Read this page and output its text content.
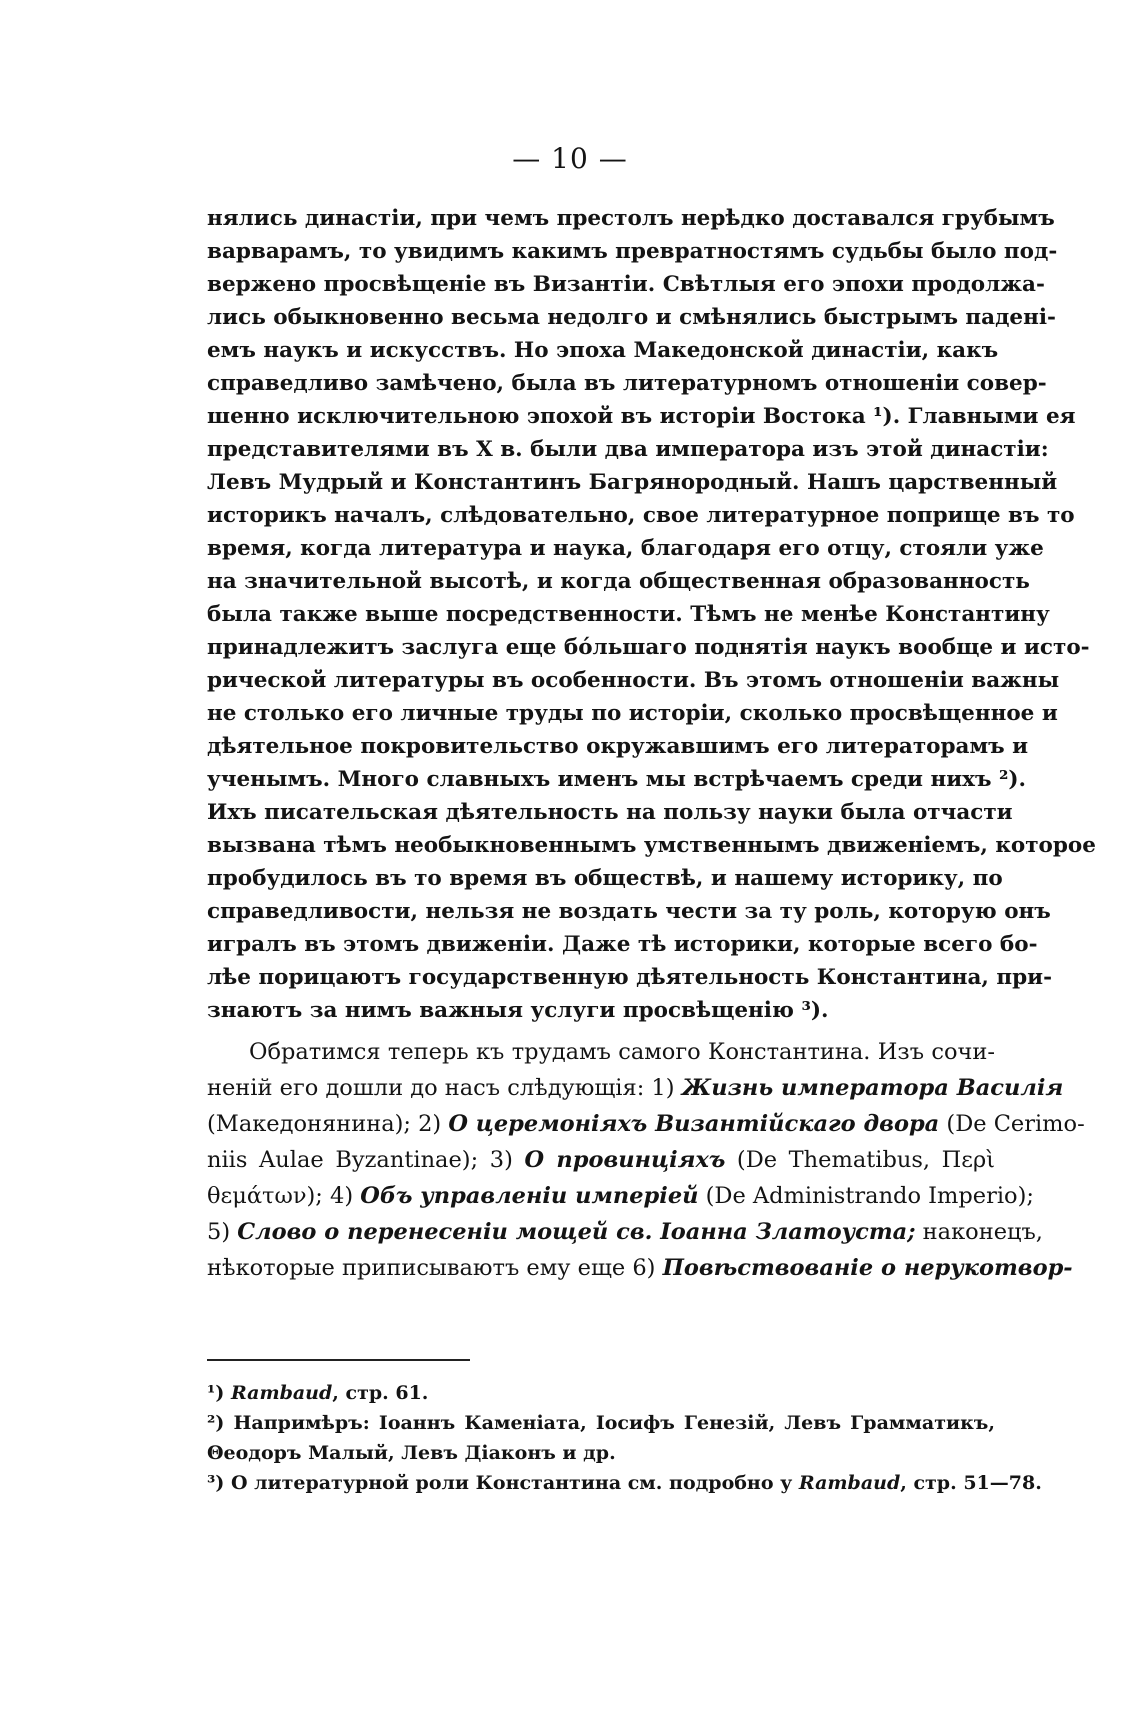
— 10 —
нялись династіи, при чемъ престолъ нерѣдко доставался грубымъ
варварамъ, то увидимъ какимъ превратностямъ судьбы было под-
вержено просвѣщеніе въ Византіи. Свѣтлыя его эпохи продолжа-
лись обыкновенно весьма недолго и смѣнялись быстрымъ падені-
емъ наукъ и искусствъ. Но эпоха Македонской династіи, какъ
справедливо замѣчено, была въ литературномъ отношеніи совер-
шенно исключительною эпохой въ исторіи Востока ¹). Главными ея
представителями въ X в. были два императора изъ этой династіи:
Левъ Мудрый и Константинъ Багрянородный. Нашъ царственный
историкъ началъ, слѣдовательно, свое литературное поприще въ то
время, когда литература и наука, благодаря его отцу, стояли уже
на значительной высотѣ, и когда общественная образованность
была также выше посредственности. Тѣмъ не менѣе Константину
принадлежитъ заслуга еще бóльшаго поднятія наукъ вообще и исто-
рической литературы въ особенности. Въ этомъ отношеніи важны
не столько его личные труды по исторіи, сколько просвѣщенное и
дѣятельное покровительство окружавшимъ его литераторамъ и
ученымъ. Много славныхъ именъ мы встрѣчаемъ среди нихъ ²).
Ихъ писательская дѣятельность на пользу науки была отчасти
вызвана тѣмъ необыкновеннымъ умственнымъ движеніемъ, которое
пробудилось въ то время въ обществѣ, и нашему историку, по
справедливости, нельзя не воздать чести за ту роль, которую онъ
игралъ въ этомъ движеніи. Даже тѣ историки, которые всего бо-
лѣе порицаютъ государственную дѣятельность Константина, при-
знаютъ за нимъ важныя услуги просвѣщенію ³).
Обратимся теперь къ трудамъ самого Константина. Изъ сочи-
неній его дошли до насъ слѣдующія: 1) Жизнь императора Василія
(Македонянина); 2) О церемоніяхъ Византійскаго двора (De Cerimo-
niis Aulae Byzantinae); 3) О провинціяхъ (De Thematibus, Περὶ
θεμάτων); 4) Объ управленіи имперіей (De Administrando Imperio);
5) Слово о перенесеніи мощей св. Іоанна Златоуста; наконецъ,
нѣкоторые приписываютъ ему еще 6) Повѣствованіе о нерукотвор-
¹) Rambaud, стр. 61.
²) Напримѣръ: Іоаннъ Каменіата, Іосифъ Генезій, Левъ Грамматикъ,
Θеодоръ Малый, Левъ Діаконъ и др.
³) О литературной роли Константина см. подробно у Rambaud, стр. 51—78.
